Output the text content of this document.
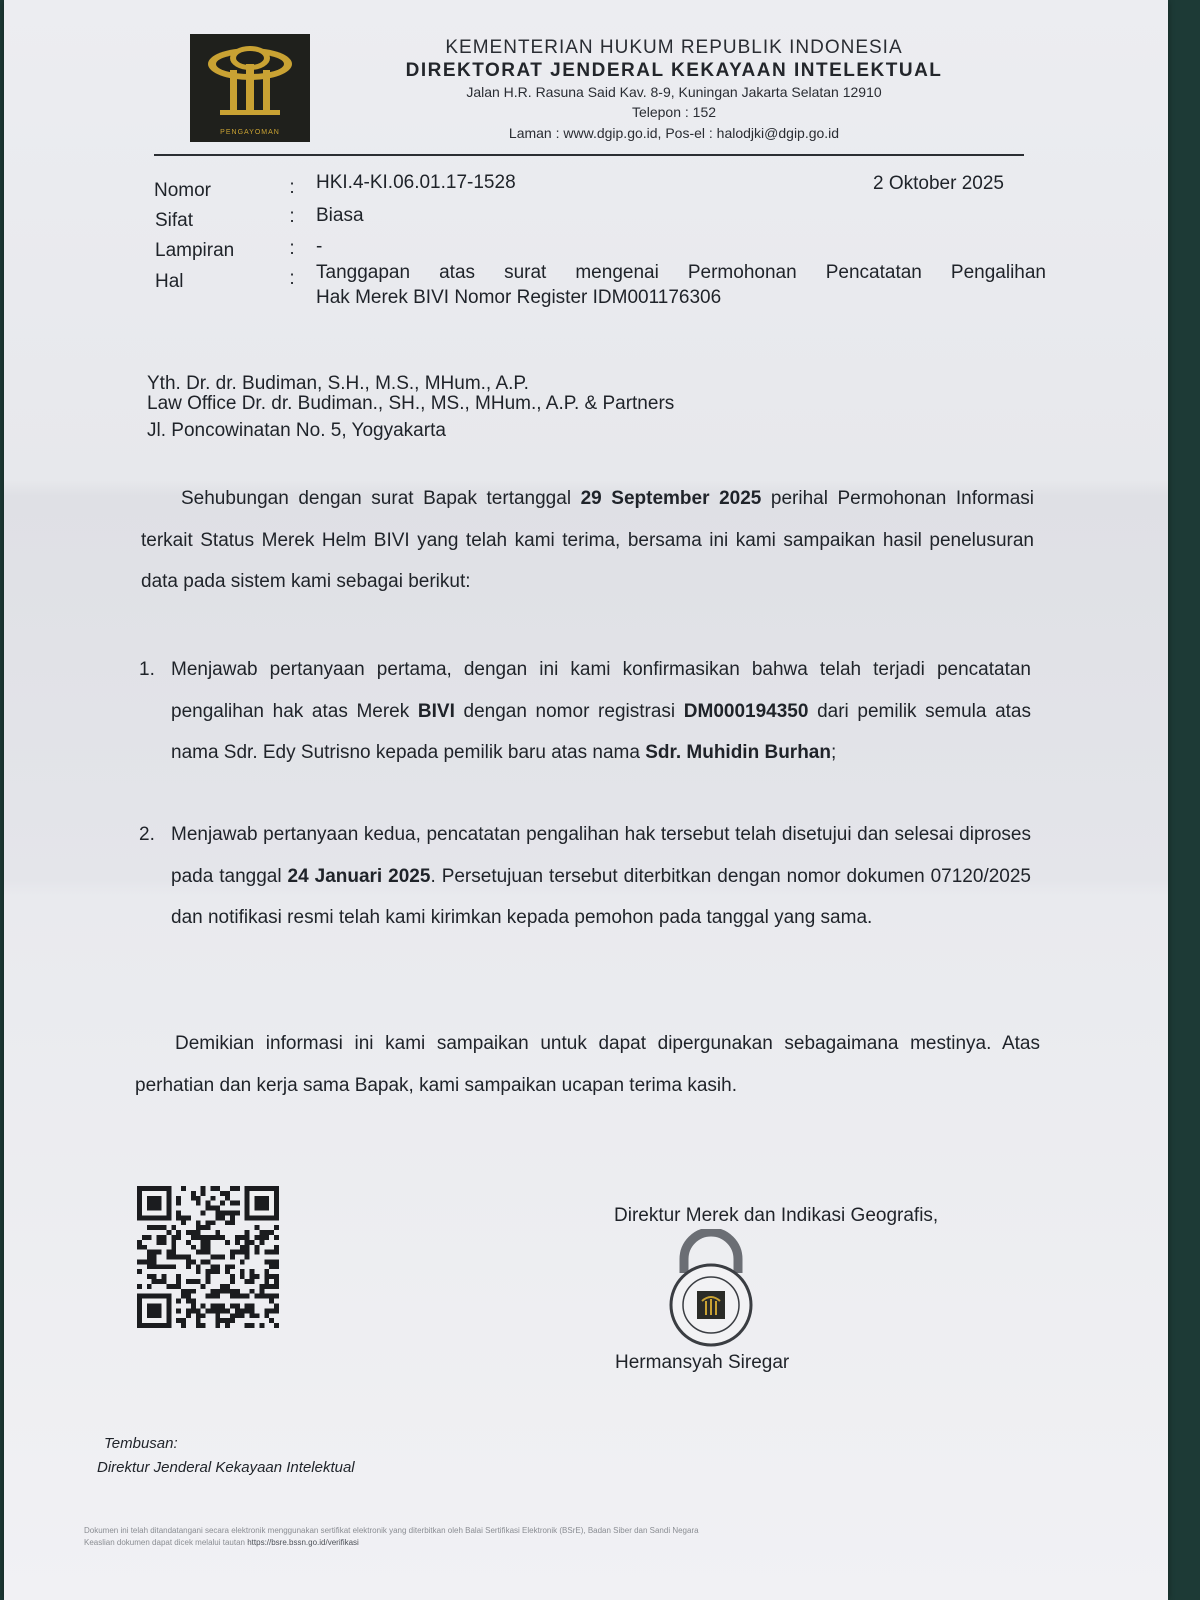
PENGAYOMAN
KEMENTERIAN HUKUM REPUBLIK INDONESIA
DIREKTORAT JENDERAL KEKAYAAN INTELEKTUAL
Jalan H.R. Rasuna Said Kav. 8-9, Kuningan Jakarta Selatan 12910
Telepon : 152
Laman : www.dgip.go.id, Pos-el : halodjki@dgip.go.id
2 Oktober 2025
Nomor	: HKI.4-KI.06.01.17-1528
Sifat	: Biasa
Lampiran	: -
Hal	: Tanggapan atas surat mengenai Permohonan Pencatatan Pengalihan
Hak Merek BIVI Nomor Register IDM001176306
Yth. Dr. dr. Budiman, S.H., M.S., MHum., A.P.
Law Office Dr. dr. Budiman., SH., MS., MHum., A.P. & Partners
Jl. Poncowinatan No. 5, Yogyakarta
Sehubungan dengan surat Bapak tertanggal 29 September 2025 perihal Permohonan Informasi terkait Status Merek Helm BIVI yang telah kami terima, bersama ini kami sampaikan hasil penelusuran data pada sistem kami sebagai berikut:
1. Menjawab pertanyaan pertama, dengan ini kami konfirmasikan bahwa telah terjadi pencatatan pengalihan hak atas Merek BIVI dengan nomor registrasi DM000194350 dari pemilik semula atas nama Sdr. Edy Sutrisno kepada pemilik baru atas nama Sdr. Muhidin Burhan;
2. Menjawab pertanyaan kedua, pencatatan pengalihan hak tersebut telah disetujui dan selesai diproses pada tanggal 24 Januari 2025. Persetujuan tersebut diterbitkan dengan nomor dokumen 07120/2025 dan notifikasi resmi telah kami kirimkan kepada pemohon pada tanggal yang sama.
Demikian informasi ini kami sampaikan untuk dapat dipergunakan sebagaimana mestinya. Atas perhatian dan kerja sama Bapak, kami sampaikan ucapan terima kasih.
Direktur Merek dan Indikasi Geografis,
Hermansyah Siregar
Tembusan:
Direktur Jenderal Kekayaan Intelektual
Dokumen ini telah ditandatangani secara elektronik menggunakan sertifikat elektronik yang diterbitkan oleh Balai Sertifikasi Elektronik (BSrE), Badan Siber dan Sandi Negara
Keaslian dokumen dapat dicek melalui tautan https://bsre.bssn.go.id/verifikasi
